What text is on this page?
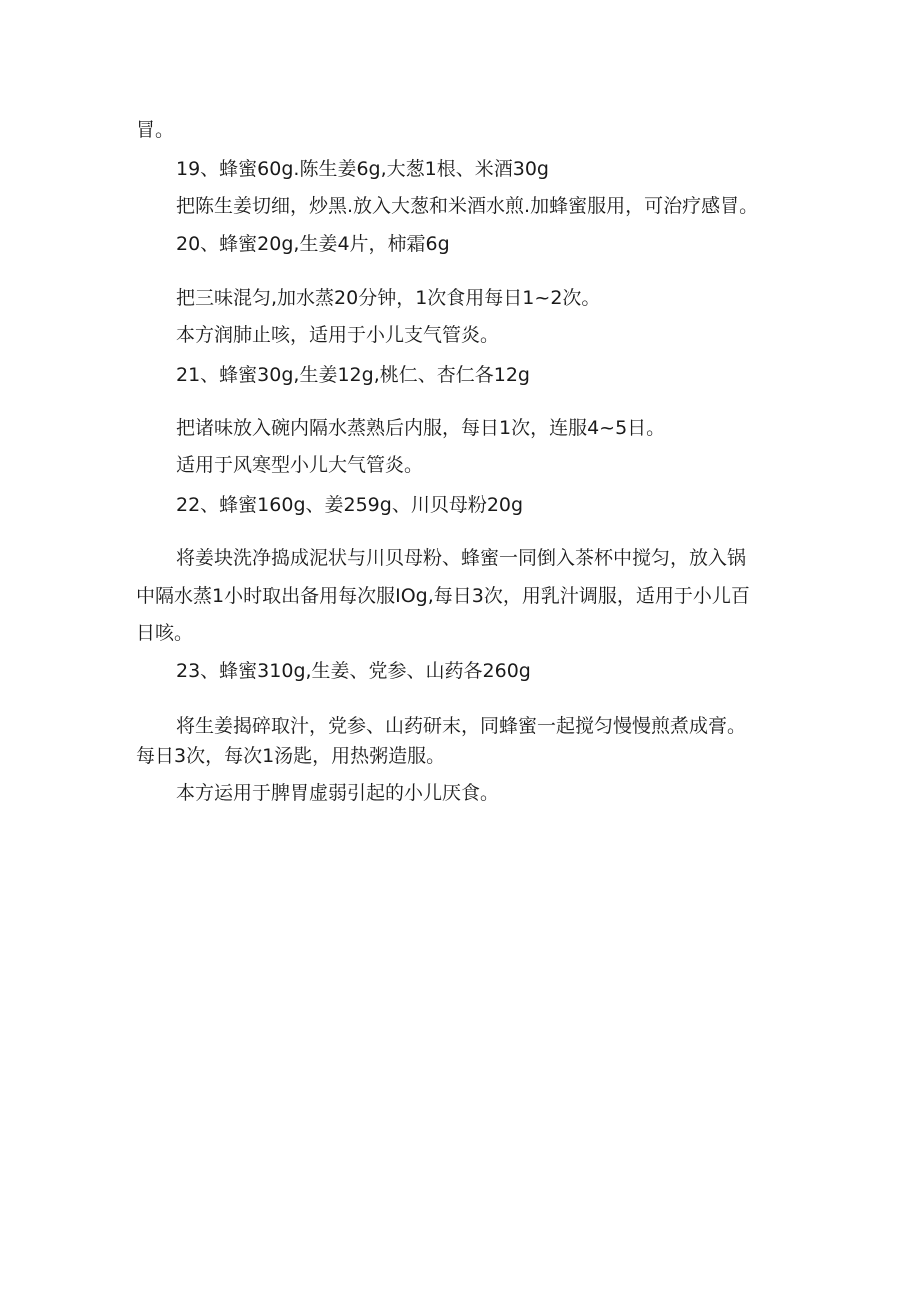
冒。
19、蜂蜜60g.陈生姜6g,大葱1根、米酒30g
把陈生姜切细，炒黑.放入大葱和米酒水煎.加蜂蜜服用，可治疗感冒。
20、蜂蜜20g,生姜4片，柿霜6g
把三味混匀,加水蒸20分钟，1次食用每日1~2次。
本方润肺止咳，适用于小儿支气管炎。
21、蜂蜜30g,生姜12g,桃仁、杏仁各12g
把诸味放入碗内隔水蒸熟后内服，每日1次，连服4~5日。
适用于风寒型小儿大气管炎。
22、蜂蜜160g、姜259g、川贝母粉20g
将姜块洗净捣成泥状与川贝母粉、蜂蜜一同倒入茶杯中搅匀，放入锅
中隔水蒸1小时取出备用每次服IOg,每日3次，用乳汁调服，适用于小儿百
日咳。
23、蜂蜜310g,生姜、党参、山药各260g
将生姜揭碎取汁，党参、山药研末，同蜂蜜一起搅匀慢慢煎煮成膏。
每日3次，每次1汤匙，用热粥造服。
本方运用于脾胃虚弱引起的小儿厌食。
